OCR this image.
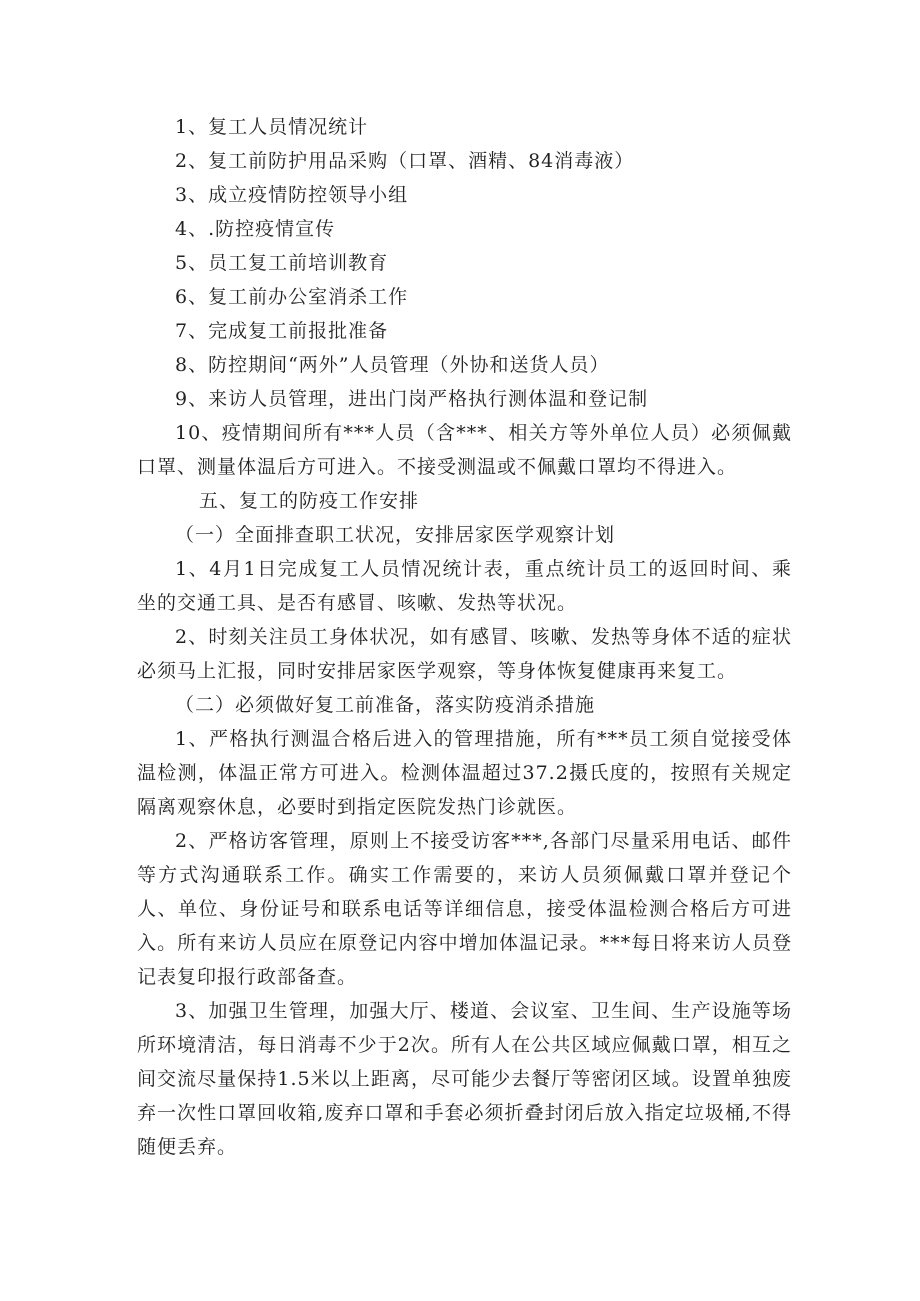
1、复工人员情况统计

2、复工前防护用品采购（口罩、酒精、84消毒液）

3、成立疫情防控领导小组

4、.防控疫情宣传

5、员工复工前培训教育

6、复工前办公室消杀工作

7、完成复工前报批准备

8、防控期间“两外”人员管理（外协和送货人员）

9、来访人员管理，进出门岗严格执行测体温和登记制

10、疫情期间所有***人员（含***、相关方等外单位人员）必须佩戴口罩、测量体温后方可进入。不接受测温或不佩戴口罩均不得进入。

五、复工的防疫工作安排

（一）全面排查职工状况，安排居家医学观察计划

1、4月1日完成复工人员情况统计表，重点统计员工的返回时间、乘坐的交通工具、是否有感冒、咳嗽、发热等状况。

2、时刻关注员工身体状况，如有感冒、咳嗽、发热等身体不适的症状必须马上汇报，同时安排居家医学观察，等身体恢复健康再来复工。

（二）必须做好复工前准备，落实防疫消杀措施

1、严格执行测温合格后进入的管理措施，所有***员工须自觉接受体温检测，体温正常方可进入。检测体温超过37.2摄氏度的，按照有关规定隔离观察休息，必要时到指定医院发热门诊就医。

2、严格访客管理，原则上不接受访客***,各部门尽量采用电话、邮件等方式沟通联系工作。确实工作需要的，来访人员须佩戴口罩并登记个人、单位、身份证号和联系电话等详细信息，接受体温检测合格后方可进入。所有来访人员应在原登记内容中增加体温记录。***每日将来访人员登记表复印报行政部备查。

3、加强卫生管理，加强大厅、楼道、会议室、卫生间、生产设施等场所环境清洁，每日消毒不少于2次。所有人在公共区域应佩戴口罩，相互之间交流尽量保持1.5米以上距离，尽可能少去餐厅等密闭区域。设置单独废弃一次性口罩回收箱,废弃口罩和手套必须折叠封闭后放入指定垃圾桶,不得随便丢弃。
